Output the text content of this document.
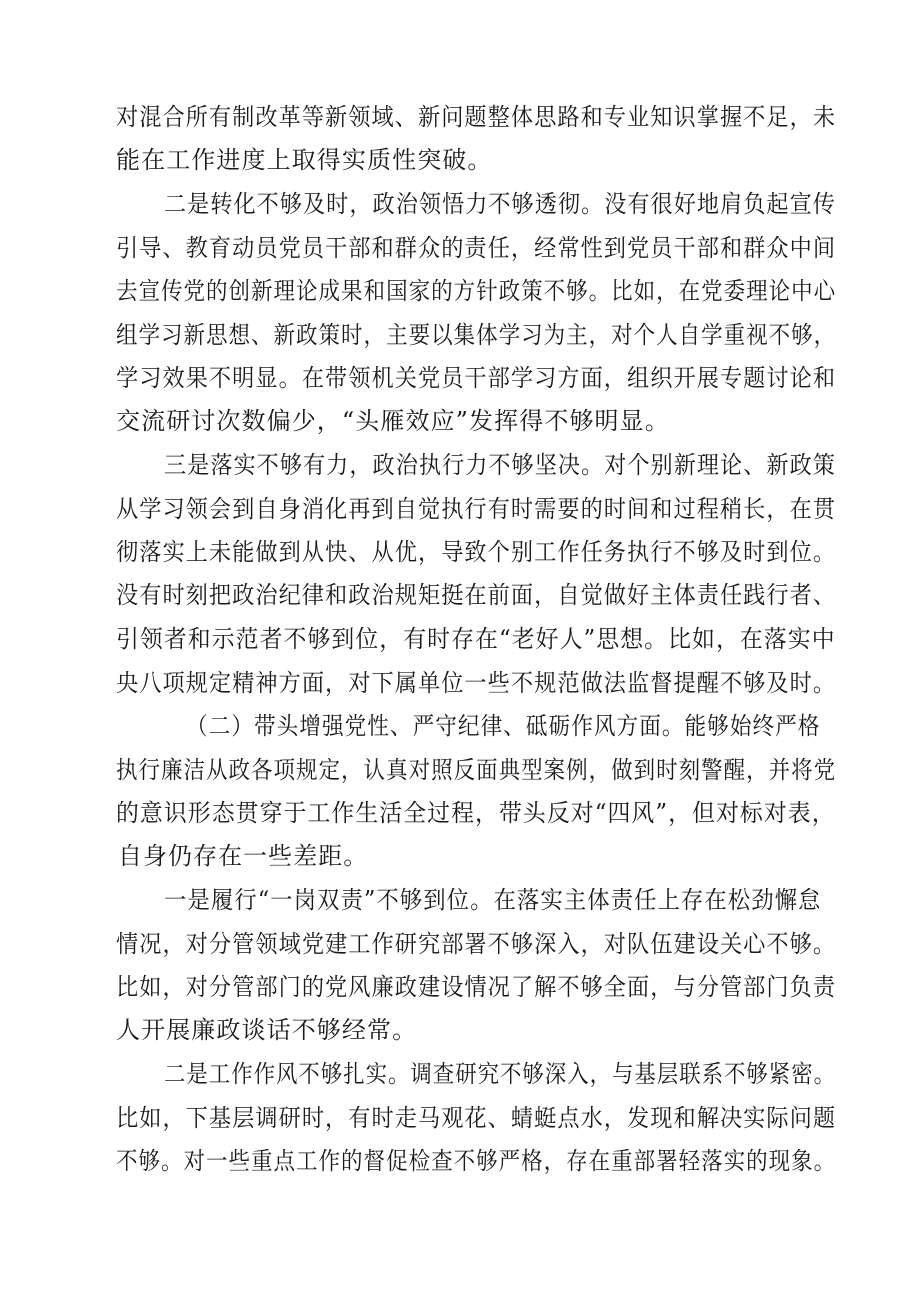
对混合所有制改革等新领域、新问题整体思路和专业知识掌握不足，未
能在工作进度上取得实质性突破。
二是转化不够及时，政治领悟力不够透彻。没有很好地肩负起宣传
引导、教育动员党员干部和群众的责任，经常性到党员干部和群众中间
去宣传党的创新理论成果和国家的方针政策不够。比如，在党委理论中心
组学习新思想、新政策时，主要以集体学习为主，对个人自学重视不够，
学习效果不明显。在带领机关党员干部学习方面，组织开展专题讨论和
交流研讨次数偏少，“头雁效应”发挥得不够明显。
三是落实不够有力，政治执行力不够坚决。对个别新理论、新政策
从学习领会到自身消化再到自觉执行有时需要的时间和过程稍长，在贯
彻落实上未能做到从快、从优，导致个别工作任务执行不够及时到位。
没有时刻把政治纪律和政治规矩挺在前面，自觉做好主体责任践行者、
引领者和示范者不够到位，有时存在“老好人”思想。比如，在落实中
央八项规定精神方面，对下属单位一些不规范做法监督提醒不够及时。
（二）带头增强党性、严守纪律、砥砺作风方面。能够始终严格
执行廉洁从政各项规定，认真对照反面典型案例，做到时刻警醒，并将党
的意识形态贯穿于工作生活全过程，带头反对“四风”，但对标对表，
自身仍存在一些差距。
一是履行“一岗双责”不够到位。在落实主体责任上存在松劲懈怠
情况，对分管领域党建工作研究部署不够深入，对队伍建设关心不够。
比如，对分管部门的党风廉政建设情况了解不够全面，与分管部门负责
人开展廉政谈话不够经常。
二是工作作风不够扎实。调查研究不够深入，与基层联系不够紧密。
比如，下基层调研时，有时走马观花、蜻蜓点水，发现和解决实际问题
不够。对一些重点工作的督促检查不够严格，存在重部署轻落实的现象。
